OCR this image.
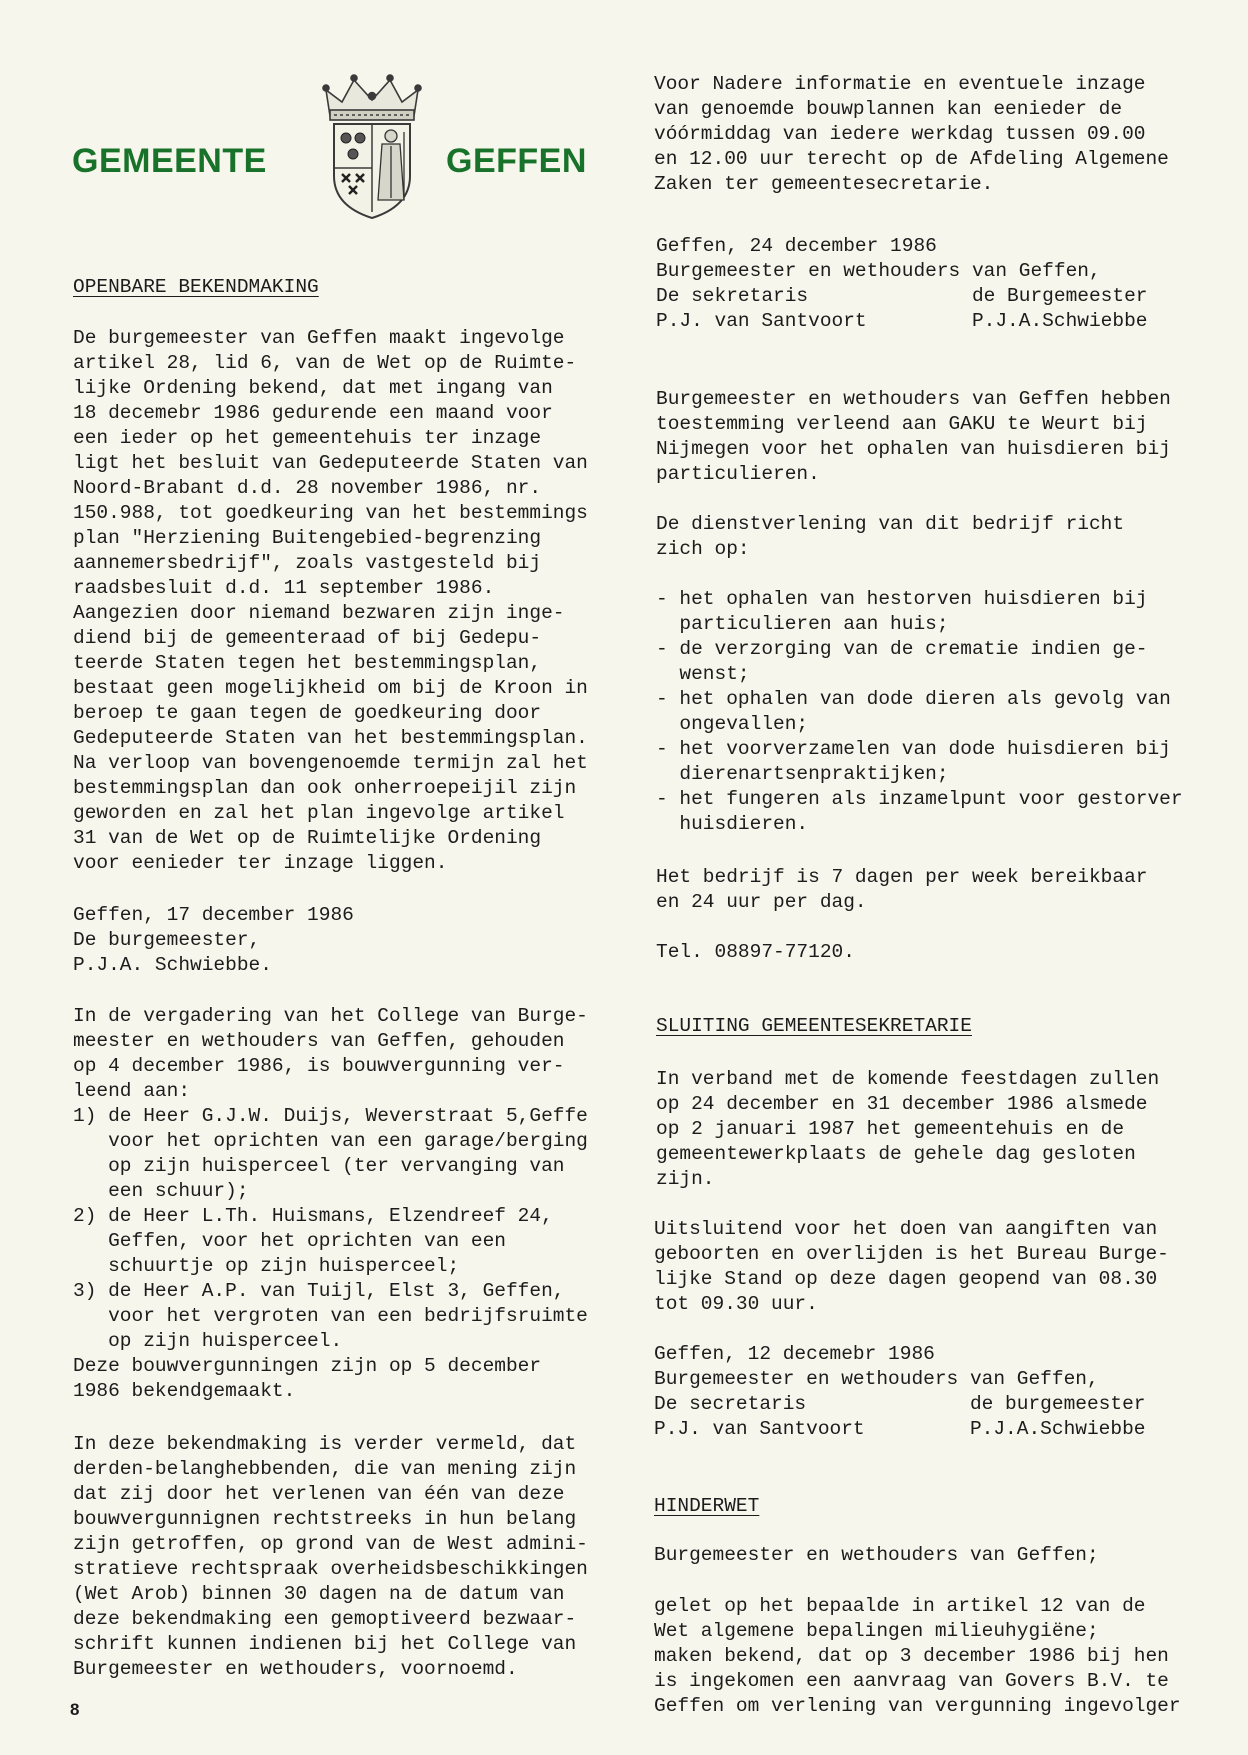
GEMEENTE	GEFFEN
OPENBARE BEKENDMAKING
De burgemeester van Geffen maakt ingevolge
artikel 28, lid 6, van de Wet op de Ruimte-
lijke Ordening bekend, dat met ingang van
18 decemebr 1986 gedurende een maand voor
een ieder op het gemeentehuis ter inzage
ligt het besluit van Gedeputeerde Staten van
Noord-Brabant d.d. 28 november 1986, nr.
150.988, tot goedkeuring van het bestemmings
plan "Herziening Buitengebied-begrenzing
aannemersbedrijf", zoals vastgesteld bij
raadsbesluit d.d. 11 september 1986.
Aangezien door niemand bezwaren zijn inge-
diend bij de gemeenteraad of bij Gedepu-
teerde Staten tegen het bestemmingsplan,
bestaat geen mogelijkheid om bij de Kroon in
beroep te gaan tegen de goedkeuring door
Gedeputeerde Staten van het bestemmingsplan.
Na verloop van bovengenoemde termijn zal het
bestemmingsplan dan ook onherroepeijil zijn
geworden en zal het plan ingevolge artikel
31 van de Wet op de Ruimtelijke Ordening
voor eenieder ter inzage liggen.
Geffen, 17 december 1986
De burgemeester,
P.J.A. Schwiebbe.
In de vergadering van het College van Burge-
meester en wethouders van Geffen, gehouden
op 4 december 1986, is bouwvergunning ver-
leend aan:
1) de Heer G.J.W. Duijs, Weverstraat 5,Geffe
voor het oprichten van een garage/berging
op zijn huisperceel (ter vervanging van
een schuur);
2) de Heer L.Th. Huismans, Elzendreef 24,
Geffen, voor het oprichten van een
schuurtje op zijn huisperceel;
3) de Heer A.P. van Tuijl, Elst 3, Geffen,
voor het vergroten van een bedrijfsruimte
op zijn huisperceel.
Deze bouwvergunningen zijn op 5 december
1986 bekendgemaakt.
In deze bekendmaking is verder vermeld, dat
derden-belanghebbenden, die van mening zijn
dat zij door het verlenen van één van deze
bouwvergunnignen rechtstreeks in hun belang
zijn getroffen, op grond van de West admini-
stratieve rechtspraak overheidsbeschikkingen
(Wet Arob) binnen 30 dagen na de datum van
deze bekendmaking een gemoptiveerd bezwaar-
schrift kunnen indienen bij het College van
Burgemeester en wethouders, voornoemd.
8
Voor Nadere informatie en eventuele inzage
van genoemde bouwplannen kan eenieder de
vóórmiddag van iedere werkdag tussen 09.00
en 12.00 uur terecht op de Afdeling Algemene
Zaken ter gemeentesecretarie.
Geffen, 24 december 1986
Burgemeester en wethouders van Geffen,
De sekretaris              de Burgemeester
P.J. van Santvoort         P.J.A.Schwiebbe
Burgemeester en wethouders van Geffen hebben
toestemming verleend aan GAKU te Weurt bij
Nijmegen voor het ophalen van huisdieren bij
particulieren.
De dienstverlening van dit bedrijf richt
zich op:

- het ophalen van hestorven huisdieren bij
particulieren aan huis;
- de verzorging van de crematie indien ge-
wenst;
- het ophalen van dode dieren als gevolg van
ongevallen;
- het voorverzamelen van dode huisdieren bij
dierenartsenpraktijken;
- het fungeren als inzamelpunt voor gestorver
huisdieren.
Het bedrijf is 7 dagen per week bereikbaar
en 24 uur per dag.
Tel. 08897-77120.
SLUITING GEMEENTESEKRETARIE
In verband met de komende feestdagen zullen
op 24 december en 31 december 1986 alsmede
op 2 januari 1987 het gemeentehuis en de
gemeentewerkplaats de gehele dag gesloten
zijn.
Uitsluitend voor het doen van aangiften van
geboorten en overlijden is het Bureau Burge-
lijke Stand op deze dagen geopend van 08.30
tot 09.30 uur.
Geffen, 12 decemebr 1986
Burgemeester en wethouders van Geffen,
De secretaris              de burgemeester
P.J. van Santvoort         P.J.A.Schwiebbe
HINDERWET
Burgemeester en wethouders van Geffen;
gelet op het bepaalde in artikel 12 van de
Wet algemene bepalingen milieuhygiëne;
maken bekend, dat op 3 december 1986 bij hen
is ingekomen een aanvraag van Govers B.V. te
Geffen om verlening van vergunning ingevolger
